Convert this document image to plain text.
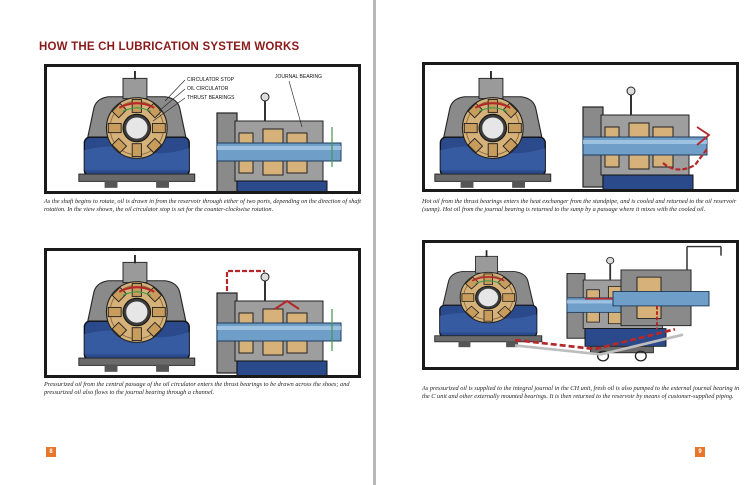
HOW THE CH LUBRICATION SYSTEM WORKS
CIRCULATOR STOP
OIL CIRCULATOR
THRUST BEARINGS
JOURNAL BEARING

As the shaft begins to rotate, oil is drawn in from the reservoir through either of two ports, depending on the direction of shaft rotation. In the view shown, the oil circulator stop is set for the counter-clockwise rotation.

Pressurized oil from the central passage of the oil circulator enters the thrust bearings to be drawn across the shoes; and pressurized oil also flows to the journal bearing through a channel.

8

Hot oil from the thrust bearings enters the heat exchanger from the standpipe, and is cooled and returned to the oil reservoir (sump). Hot oil from the journal bearing is returned to the sump by a passage where it mixes with the cooled oil.

As pressurized oil is supplied to the integral journal in the CH unit, fresh oil is also pumped to the external journal bearing in the C unit and other externally mounted bearings. It is then returned to the reservoir by means of customer-supplied piping.

9
